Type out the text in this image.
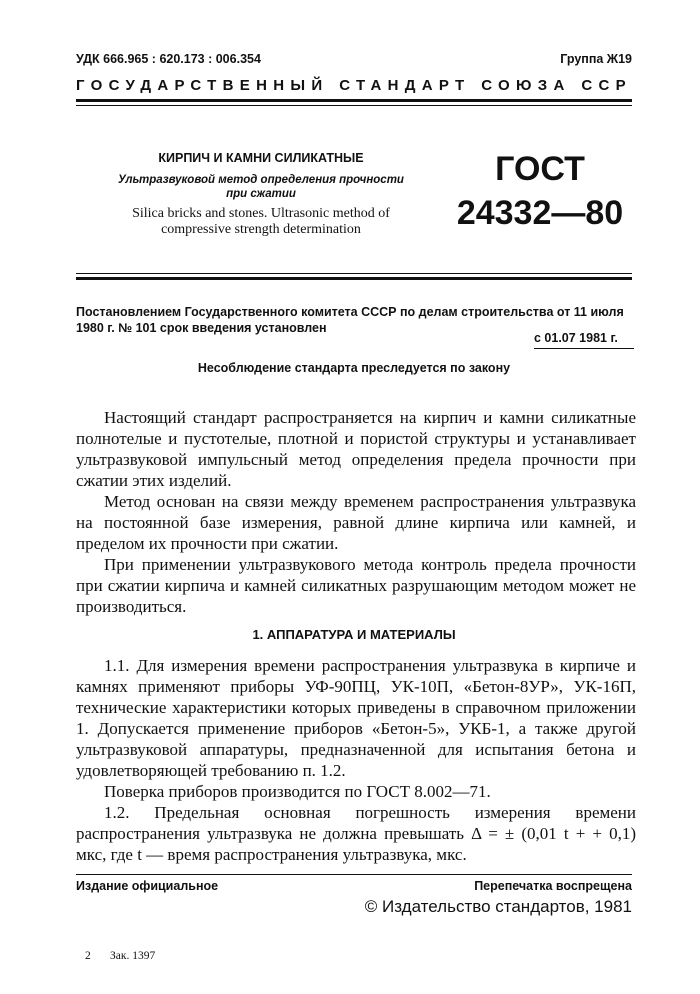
УДК 666.965 : 620.173 : 006.354	Группа Ж19
ГОСУДАРСТВЕННЫЙ СТАНДАРТ СОЮЗА ССР
КИРПИЧ И КАМНИ СИЛИКАТНЫЕ
Ультразвуковой метод определения прочности
при сжатии
Silica bricks and stones. Ultrasonic method of
compressive strength determination
ГОСТ
24332—80
Постановлением Государственного комитета СССР по делам строительства от 11 июля 1980 г. № 101 срок введения установлен
с 01.07 1981 г.
Несоблюдение стандарта преследуется по закону

Настоящий стандарт распространяется на кирпич и камни силикатные полнотелые и пустотелые, плотной и пористой структуры и устанавливает ультразвуковой импульсный метод определения предела прочности при сжатии этих изделий.

Метод основан на связи между временем распространения ультразвука на постоянной базе измерения, равной длине кирпича или камней, и пределом их прочности при сжатии.

При применении ультразвукового метода контроль предела прочности при сжатии кирпича и камней силикатных разрушающим методом может не производиться.

1. АППАРАТУРА И МАТЕРИАЛЫ

1.1. Для измерения времени распространения ультразвука в кирпиче и камнях применяют приборы УФ-90ПЦ, УК-10П, «Бетон-8УР», УК-16П, технические характеристики которых приведены в справочном приложении 1. Допускается применение приборов «Бетон-5», УКБ-1, а также другой ультразвуковой аппаратуры, предназначенной для испытания бетона и удовлетворяющей требованию п. 1.2.

Поверка приборов производится по ГОСТ 8.002—71.

1.2. Предельная основная погрешность измерения времени распространения ультразвука не должна превышать Δ = ± (0,01 t + + 0,1) мкс, где t — время распространения ультразвука, мкс.

Издание официальное	Перепечатка воспрещена
© Издательство стандартов, 1981
2 Зак. 1397
